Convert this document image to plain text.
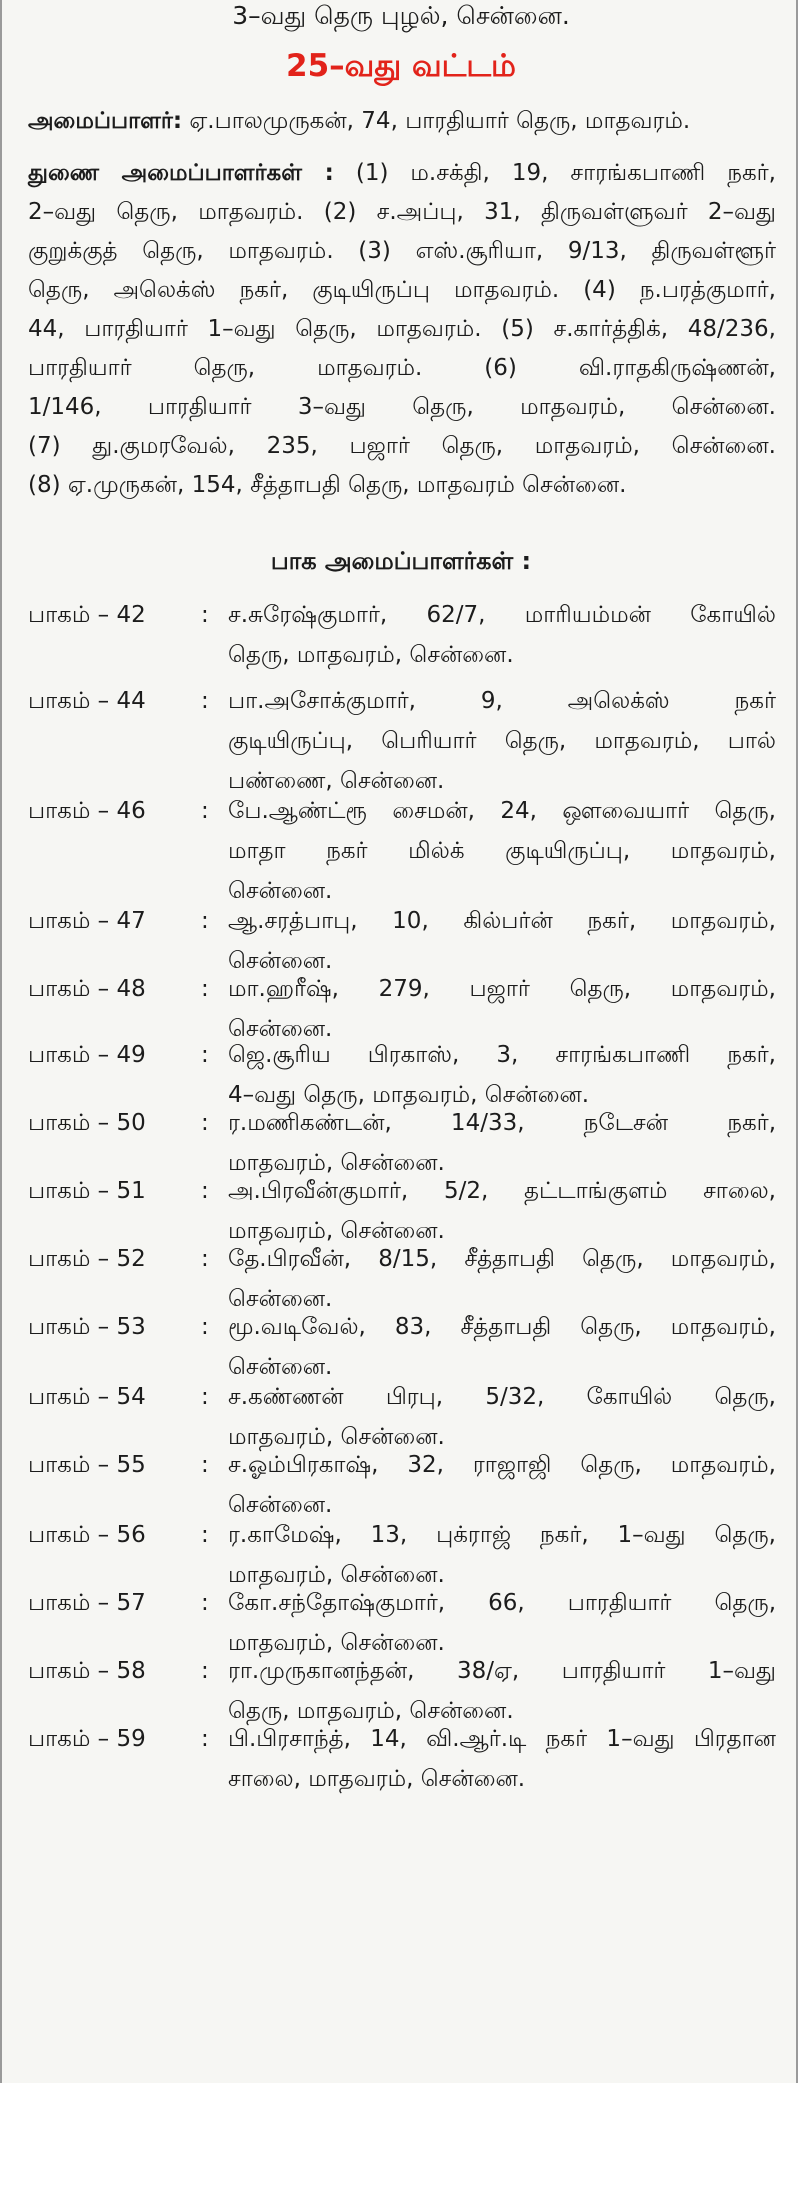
3–வது தெரு புழல், சென்னை.
25–வது வட்டம்
அமைப்பாளர்: ஏ.பாலமுருகன், 74, பாரதியார் தெரு, மாதவரம்.
துணை அமைப்பாளர்கள் : (1) ம.சக்தி, 19, சாரங்கபாணி நகர்,
2–வது தெரு, மாதவரம். (2) ச.அப்பு, 31, திருவள்ளுவர் 2–வது
குறுக்குத் தெரு, மாதவரம். (3) எஸ்.சூரியா, 9/13, திருவள்ளூர்
தெரு, அலெக்ஸ் நகர், குடியிருப்பு மாதவரம். (4) ந.பரத்குமார்,
44, பாரதியார் 1–வது தெரு, மாதவரம். (5) ச.கார்த்திக், 48/236,
பாரதியார் தெரு, மாதவரம். (6) வி.ராதகிருஷ்ணன்,
1/146, பாரதியார் 3–வது தெரு, மாதவரம், சென்னை.
(7) து.குமரவேல், 235, பஜார் தெரு, மாதவரம், சென்னை.
(8) ஏ.முருகன், 154, சீத்தாபதி தெரு, மாதவரம் சென்னை.
பாக அமைப்பாளர்கள் :
பாகம் – 42 : ச.சுரேஷ்குமார், 62/7, மாரியம்மன் கோயில்
தெரு, மாதவரம், சென்னை.
பாகம் – 44 : பா.அசோக்குமார், 9, அலெக்ஸ் நகர்
குடியிருப்பு, பெரியார் தெரு, மாதவரம், பால்
பண்ணை, சென்னை.
பாகம் – 46 : பே.ஆண்ட்ரூ சைமன், 24, ஔவையார் தெரு,
மாதா நகர் மில்க் குடியிருப்பு, மாதவரம்,
சென்னை.
பாகம் – 47 : ஆ.சரத்பாபு, 10, கில்பர்ன் நகர், மாதவரம்,
சென்னை.
பாகம் – 48 : மா.ஹரீஷ், 279, பஜார் தெரு, மாதவரம்,
சென்னை.
பாகம் – 49 : ஜெ.சூரிய பிரகாஸ், 3, சாரங்கபாணி நகர்,
4–வது தெரு, மாதவரம், சென்னை.
பாகம் – 50 : ர.மணிகண்டன், 14/33, நடேசன் நகர்,
மாதவரம், சென்னை.
பாகம் – 51 : அ.பிரவீன்குமார், 5/2, தட்டாங்குளம் சாலை,
மாதவரம், சென்னை.
பாகம் – 52 : தே.பிரவீன், 8/15, சீத்தாபதி தெரு, மாதவரம்,
சென்னை.
பாகம் – 53 : மூ.வடிவேல், 83, சீத்தாபதி தெரு, மாதவரம்,
சென்னை.
பாகம் – 54 : ச.கண்ணன் பிரபு, 5/32, கோயில் தெரு,
மாதவரம், சென்னை.
பாகம் – 55 : ச.ஓம்பிரகாஷ், 32, ராஜாஜி தெரு, மாதவரம்,
சென்னை.
பாகம் – 56 : ர.காமேஷ், 13, புக்ராஜ் நகர், 1–வது தெரு,
மாதவரம், சென்னை.
பாகம் – 57 : கோ.சந்தோஷ்குமார், 66, பாரதியார் தெரு,
மாதவரம், சென்னை.
பாகம் – 58 : ரா.முருகானந்தன், 38/ஏ, பாரதியார் 1–வது
தெரு, மாதவரம், சென்னை.
பாகம் – 59 : பி.பிரசாந்த், 14, வி.ஆர்.டி நகர் 1–வது பிரதான
சாலை, மாதவரம், சென்னை.
